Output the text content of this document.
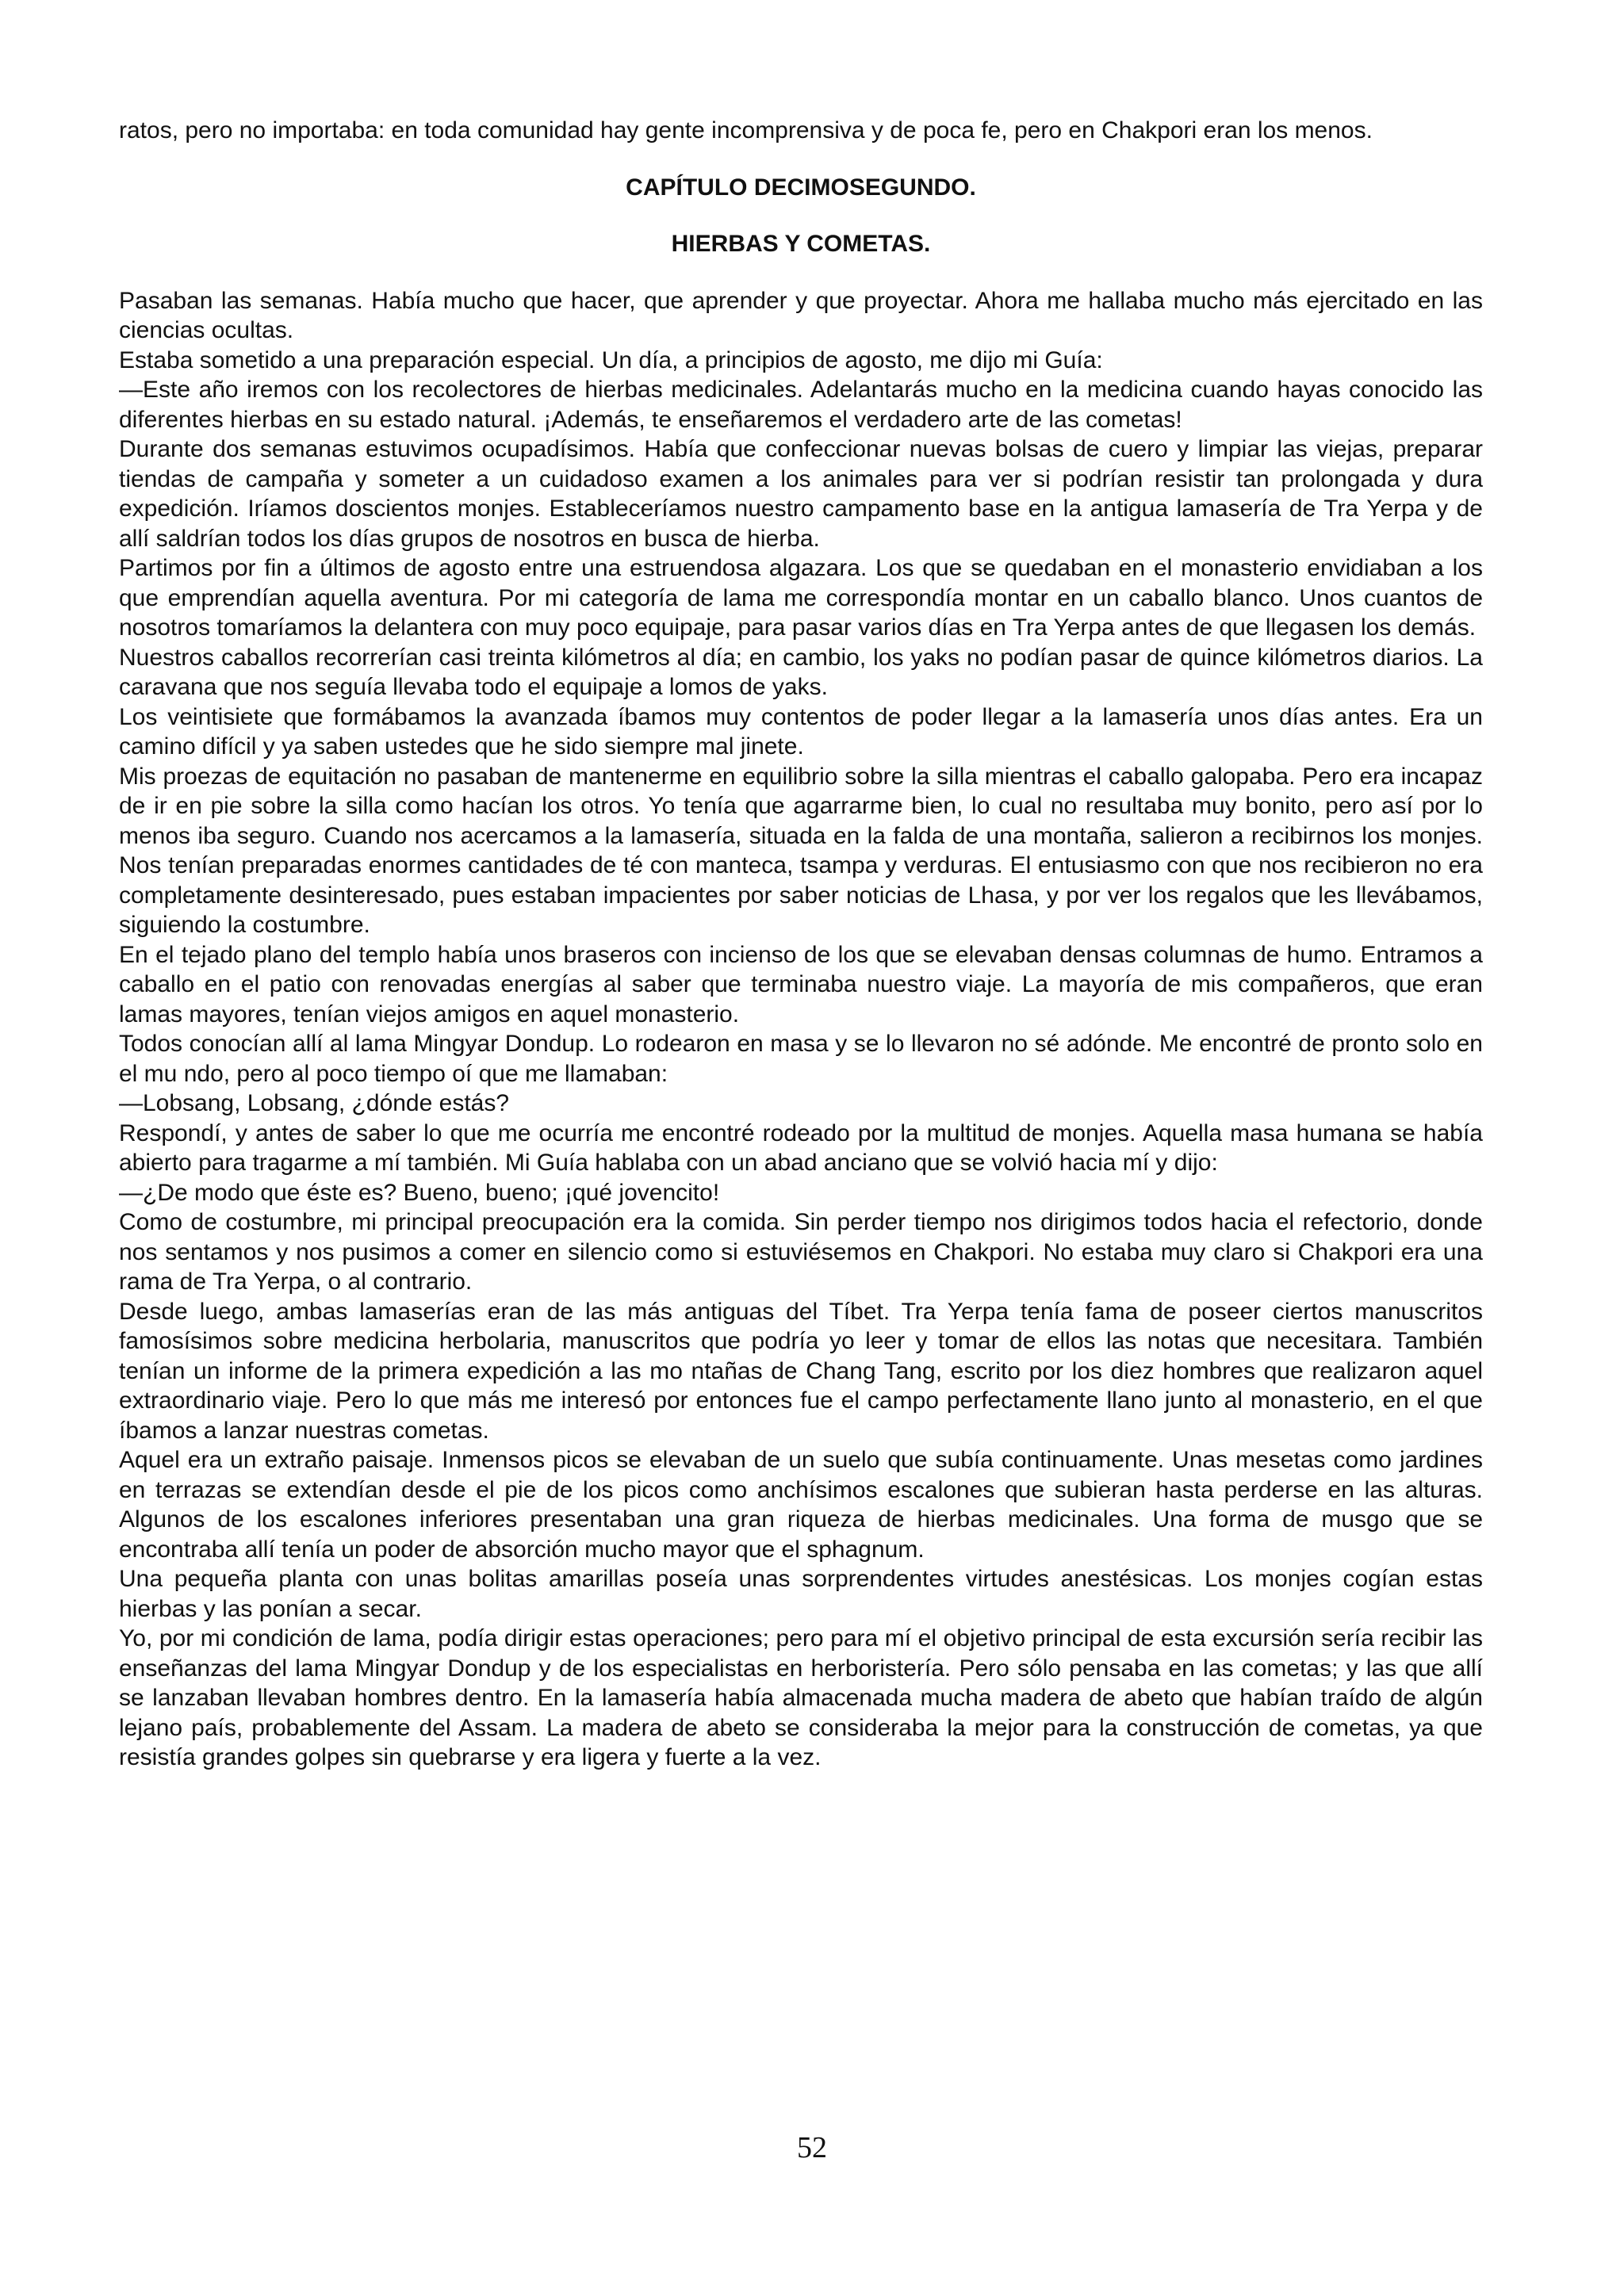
ratos, pero no importaba: en toda comunidad hay gente incomprensiva y de poca fe, pero en Chakpori eran los menos.

CAPÍTULO DECIMOSEGUNDO.

HIERBAS Y COMETAS.

Pasaban las semanas. Había mucho que hacer, que aprender y que proyectar. Ahora me hallaba mucho más ejercitado en las ciencias ocultas.

Estaba sometido a una preparación especial. Un día, a principios de agosto, me dijo mi Guía:

—Este año iremos con los recolectores de hierbas medicinales. Adelantarás mucho en la medicina cuando hayas conocido las diferentes hierbas en su estado natural. ¡Además, te enseñaremos el verdadero arte de las cometas!

Durante dos semanas estuvimos ocupadísimos. Había que confeccionar nuevas bolsas de cuero y limpiar las viejas, preparar tiendas de campaña y someter a un cuidadoso examen a los animales para ver si podrían resistir tan prolongada y dura expedición. Iríamos doscientos monjes. Estableceríamos nuestro campamento base en la antigua lamasería de Tra Yerpa y de allí saldrían todos los días grupos de nosotros en busca de hierba.

Partimos por fin a últimos de agosto entre una estruendosa algazara. Los que se quedaban en el monasterio envidiaban a los que emprendían aquella aventura. Por mi categoría de lama me correspondía montar en un caballo blanco. Unos cuantos de nosotros tomaríamos la delantera con muy poco equipaje, para pasar varios días en Tra Yerpa antes de que llegasen los demás.

Nuestros caballos recorrerían casi treinta kilómetros al día; en cambio, los yaks no podían pasar de quince kilómetros diarios. La caravana que nos seguía llevaba todo el equipaje a lomos de yaks.

Los veintisiete que formábamos la avanzada íbamos muy contentos de poder llegar a la lamasería unos días antes. Era un camino difícil y ya saben ustedes que he sido siempre mal jinete.

Mis proezas de equitación no pasaban de mantenerme en equilibrio sobre la silla mientras el caballo galopaba. Pero era incapaz de ir en pie sobre la silla como hacían los otros. Yo tenía que agarrarme bien, lo cual no resultaba muy bonito, pero así por lo menos iba seguro. Cuando nos acercamos a la lamasería, situada en la falda de una montaña, salieron a recibirnos los monjes. Nos tenían preparadas enormes cantidades de té con manteca, tsampa y verduras. El entusiasmo con que nos recibieron no era completamente desinteresado, pues estaban impacientes por saber noticias de Lhasa, y por ver los regalos que les llevábamos, siguiendo la costumbre.

En el tejado plano del templo había unos braseros con incienso de los que se elevaban densas columnas de humo. Entramos a caballo en el patio con renovadas energías al saber que terminaba nuestro viaje. La mayoría de mis compañeros, que eran lamas mayores, tenían viejos amigos en aquel monasterio.

Todos conocían allí al lama Mingyar Dondup. Lo rodearon en masa y se lo llevaron no sé adónde. Me encontré de pronto solo en el mu ndo, pero al poco tiempo oí que me llamaban:

—Lobsang, Lobsang, ¿dónde estás?

Respondí, y antes de saber lo que me ocurría me encontré rodeado por la multitud de monjes. Aquella masa humana se había abierto para tragarme a mí también. Mi Guía hablaba con un abad anciano que se volvió hacia mí y dijo:

—¿De modo que éste es? Bueno, bueno; ¡qué jovencito!

Como de costumbre, mi principal preocupación era la comida. Sin perder tiempo nos dirigimos todos hacia el refectorio, donde nos sentamos y nos pusimos a comer en silencio como si estuviésemos en Chakpori. No estaba muy claro si Chakpori era una rama de Tra Yerpa, o al contrario.

Desde luego, ambas lamaserías eran de las más antiguas del Tíbet. Tra Yerpa tenía fama de poseer ciertos manuscritos famosísimos sobre medicina herbolaria, manuscritos que podría yo leer y tomar de ellos las notas que necesitara. También tenían un informe de la primera expedición a las mo ntañas de Chang Tang, escrito por los diez hombres que realizaron aquel extraordinario viaje. Pero lo que más me interesó por entonces fue el campo perfectamente llano junto al monasterio, en el que íbamos a lanzar nuestras cometas.

Aquel era un extraño paisaje. Inmensos picos se elevaban de un suelo que subía continuamente. Unas mesetas como jardines en terrazas se extendían desde el pie de los picos como anchísimos escalones que subieran hasta perderse en las alturas. Algunos de los escalones inferiores presentaban una gran riqueza de hierbas medicinales. Una forma de musgo que se encontraba allí tenía un poder de absorción mucho mayor que el sphagnum.

Una pequeña planta con unas bolitas amarillas poseía unas sorprendentes virtudes anestésicas. Los monjes cogían estas hierbas y las ponían a secar.

Yo, por mi condición de lama, podía dirigir estas operaciones; pero para mí el objetivo principal de esta excursión sería recibir las enseñanzas del lama Mingyar Dondup y de los especialistas en herboristería. Pero sólo pensaba en las cometas; y las que allí se lanzaban llevaban hombres dentro. En la lamasería había almacenada mucha madera de abeto que habían traído de algún lejano país, probablemente del Assam. La madera de abeto se consideraba la mejor para la construcción de cometas, ya que resistía grandes golpes sin quebrarse y era ligera y fuerte a la vez.

52
